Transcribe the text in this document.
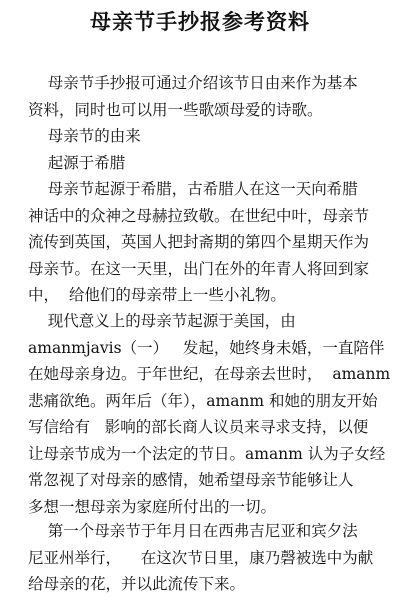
母亲节手抄报参考资料
母亲节手抄报可通过介绍该节日由来作为基本
资料，同时也可以用一些歌颂母爱的诗歌。
母亲节的由来
起源于希腊
母亲节起源于希腊，古希腊人在这一天向希腊
神话中的众神之母赫拉致敬。在世纪中叶，母亲节
流传到英国，英国人把封斋期的第四个星期天作为
母亲节。在这一天里，出门在外的年青人将回到家
中，  给他们的母亲带上一些小礼物。
现代意义上的母亲节起源于美国，由
amanmjavis（一）   发起，她终身未婚，一直陪伴
在她母亲身边。于年世纪，在母亲去世时，  amanm
悲痛欲绝。两年后（年），amanm 和她的朋友开始
写信给有   影响的部长商人议员来寻求支持，以便
让母亲节成为一个法定的节日。amanm 认为子女经
常忽视了对母亲的感情，她希望母亲节能够让人
多想一想母亲为家庭所付出的一切。
第一个母亲节于年月日在西弗吉尼亚和宾夕法
尼亚州举行，    在这次节日里，康乃磬被选中为献
给母亲的花，并以此流传下来。
